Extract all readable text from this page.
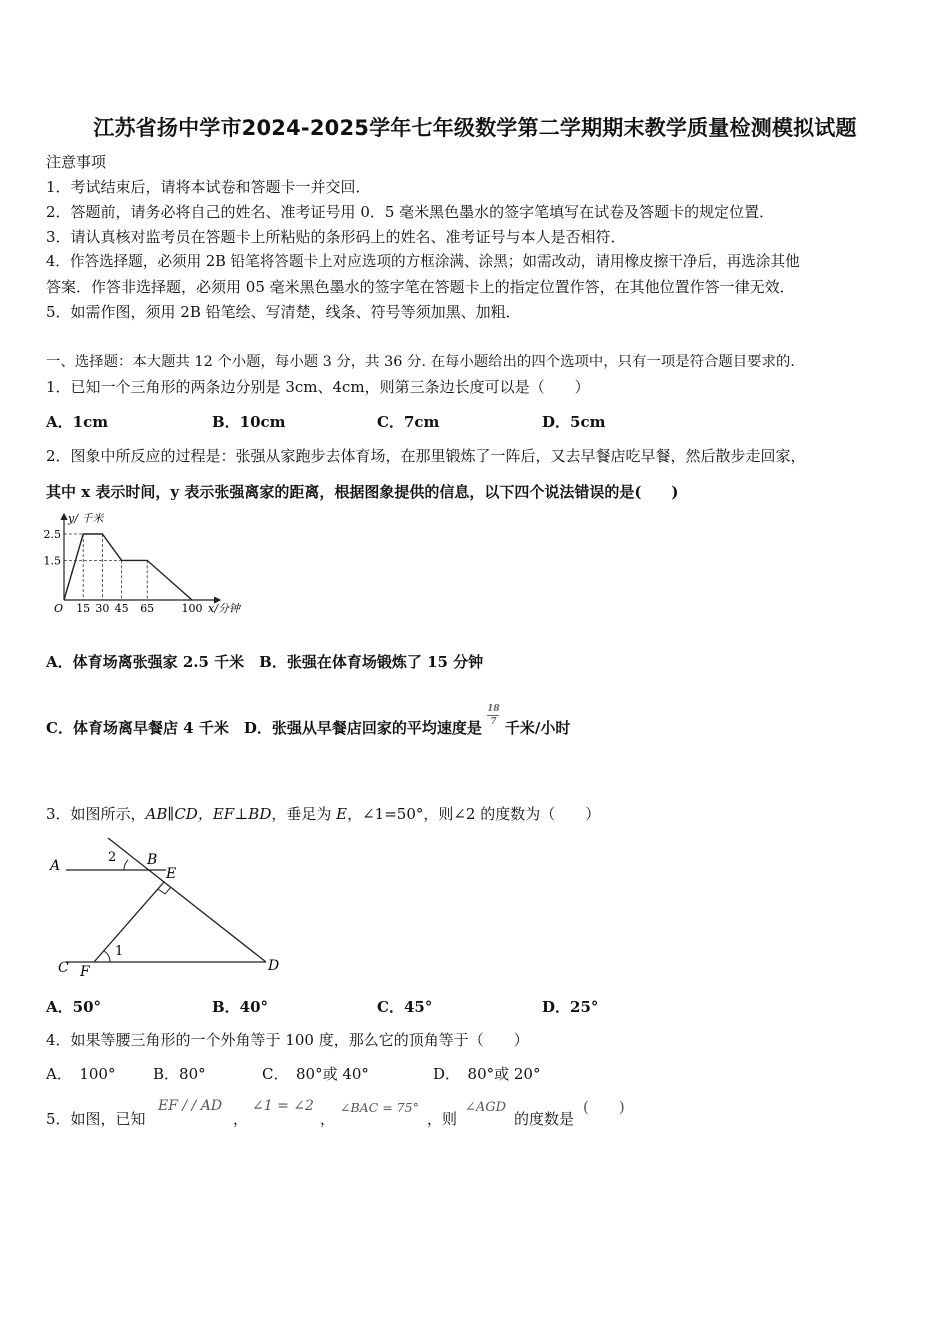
江苏省扬中学市2024-2025学年七年级数学第二学期期末教学质量检测模拟试题
注意事项
1．考试结束后，请将本试卷和答题卡一并交回．
2．答题前，请务必将自己的姓名、准考证号用 0．5 毫米黑色墨水的签字笔填写在试卷及答题卡的规定位置．
3．请认真核对监考员在答题卡上所粘贴的条形码上的姓名、准考证号与本人是否相符．
4．作答选择题，必须用 2B 铅笔将答题卡上对应选项的方框涂满、涂黑；如需改动，请用橡皮擦干净后，再选涂其他
答案．作答非选择题，必须用 05 毫米黑色墨水的签字笔在答题卡上的指定位置作答，在其他位置作答一律无效．
5．如需作图，须用 2B 铅笔绘、写清楚，线条、符号等须加黑、加粗．
一、选择题：本大题共 12 个小题，每小题 3 分，共 36 分. 在每小题给出的四个选项中，只有一项是符合题目要求的.
1．已知一个三角形的两条边分别是 3cm、4cm，则第三条边长度可以是（　　）
A．1cm	B．10cm	C．7cm	D．5cm
2．图象中所反应的过程是：张强从家跑步去体育场，在那里锻炼了一阵后，又去早餐店吃早餐，然后散步走回家，
其中 x 表示时间，y 表示张强离家的距离，根据图象提供的信息，以下四个说法错误的是(　　)
15 30 45 65 100
2.5
1.5
y/ 千米
x/分钟
O
A．体育场离张强家 2.5 千米　B．张强在体育场锻炼了 15 分钟
C．体育场离早餐店 4 千米　D．张强从早餐店回家的平均速度是 $\frac{18}{7}$ 千米/小时
3．如图所示，AB∥CD，EF⊥BD，垂足为 E，∠1=50°，则∠2 的度数为（　　）
A	B
E
C F	D
1
2
A．50°	B．40°	C．45°	D．25°
4．如果等腰三角形的一个外角等于 100 度，那么它的顶角等于（　　）
A．　100°	B．80°	C．　80°或 40°	D．　80°或 20°
5．如图，已知
EF / / AD
，
∠1 = ∠2
，
∠BAC = 75°
，则
∠AGD
的度数是
(　　)
